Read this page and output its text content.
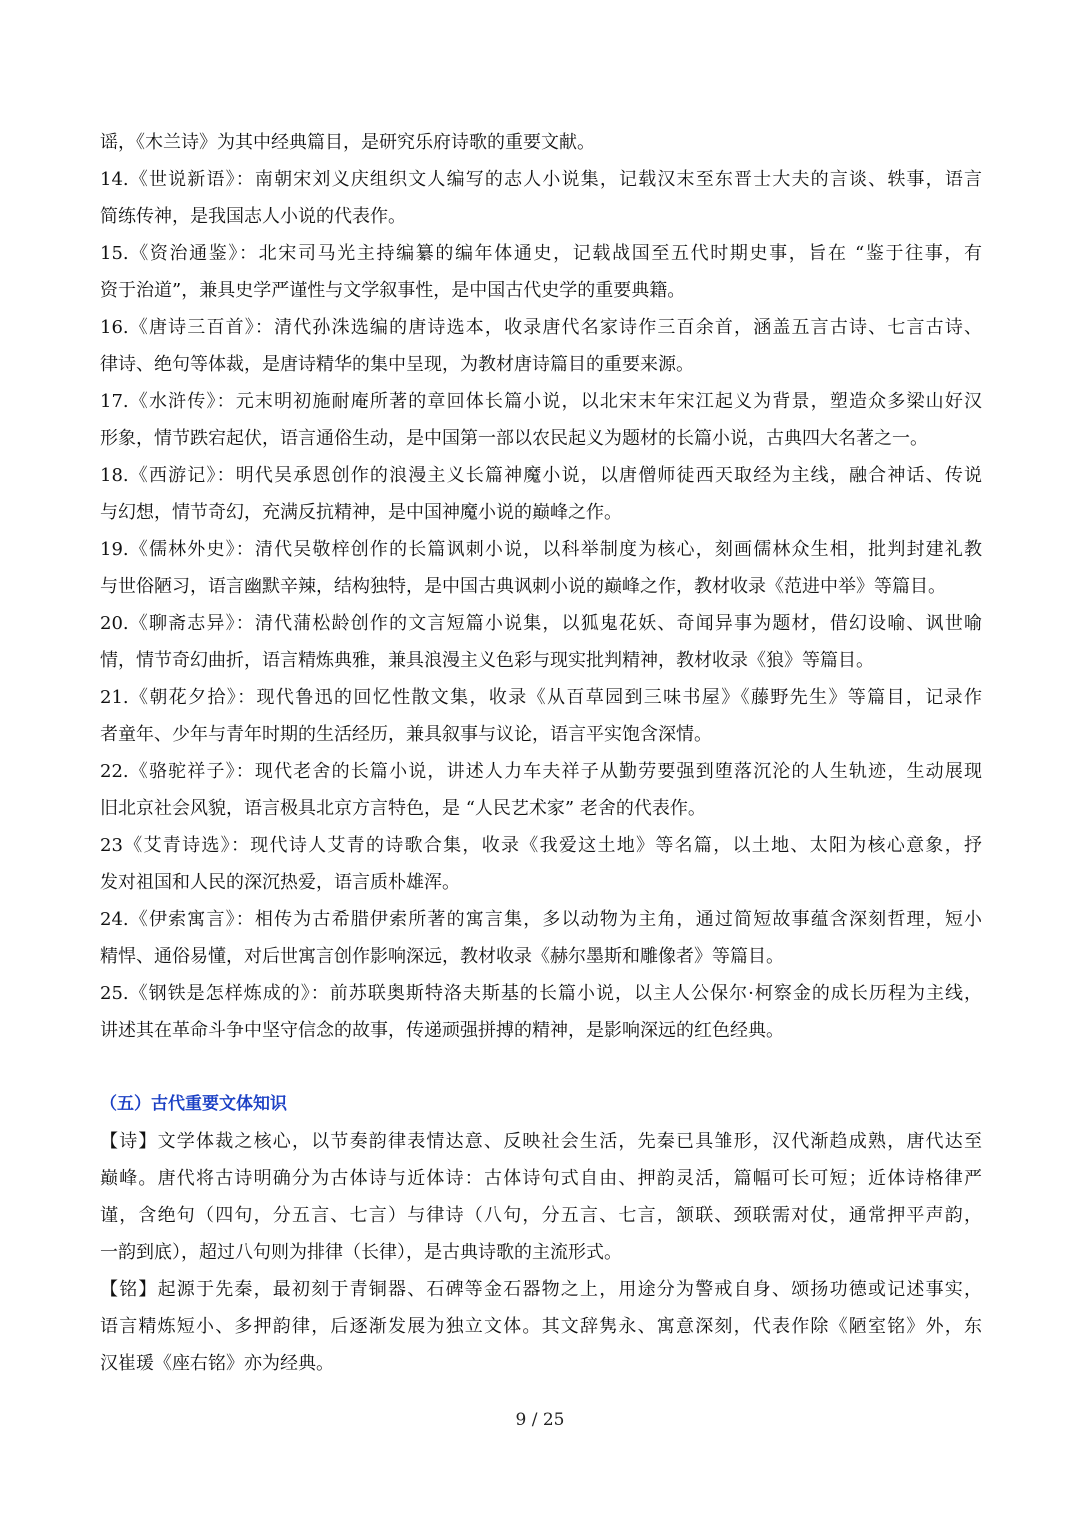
谣，《木兰诗》为其中经典篇目，是研究乐府诗歌的重要文献。
14.《世说新语》：南朝宋刘义庆组织文人编写的志人小说集，记载汉末至东晋士大夫的言谈、轶事，语言
简练传神，是我国志人小说的代表作。
15.《资治通鉴》：北宋司马光主持编纂的编年体通史，记载战国至五代时期史事，旨在 “鉴于往事，有
资于治道”，兼具史学严谨性与文学叙事性，是中国古代史学的重要典籍。
16.《唐诗三百首》：清代孙洙选编的唐诗选本，收录唐代名家诗作三百余首，涵盖五言古诗、七言古诗、
律诗、绝句等体裁，是唐诗精华的集中呈现，为教材唐诗篇目的重要来源。
17.《水浒传》：元末明初施耐庵所著的章回体长篇小说，以北宋末年宋江起义为背景，塑造众多梁山好汉
形象，情节跌宕起伏，语言通俗生动，是中国第一部以农民起义为题材的长篇小说，古典四大名著之一。
18.《西游记》：明代吴承恩创作的浪漫主义长篇神魔小说，以唐僧师徒西天取经为主线，融合神话、传说
与幻想，情节奇幻，充满反抗精神，是中国神魔小说的巅峰之作。
19.《儒林外史》：清代吴敬梓创作的长篇讽刺小说，以科举制度为核心，刻画儒林众生相，批判封建礼教
与世俗陋习，语言幽默辛辣，结构独特，是中国古典讽刺小说的巅峰之作，教材收录《范进中举》等篇目。
20.《聊斋志异》：清代蒲松龄创作的文言短篇小说集，以狐鬼花妖、奇闻异事为题材，借幻设喻、讽世喻
情，情节奇幻曲折，语言精炼典雅，兼具浪漫主义色彩与现实批判精神，教材收录《狼》等篇目。
21.《朝花夕拾》：现代鲁迅的回忆性散文集，收录《从百草园到三味书屋》《藤野先生》等篇目，记录作
者童年、少年与青年时期的生活经历，兼具叙事与议论，语言平实饱含深情。
22.《骆驼祥子》：现代老舍的长篇小说，讲述人力车夫祥子从勤劳要强到堕落沉沦的人生轨迹，生动展现
旧北京社会风貌，语言极具北京方言特色，是 “人民艺术家” 老舍的代表作。
23《艾青诗选》：现代诗人艾青的诗歌合集，收录《我爱这土地》等名篇，以土地、太阳为核心意象，抒
发对祖国和人民的深沉热爱，语言质朴雄浑。
24.《伊索寓言》：相传为古希腊伊索所著的寓言集，多以动物为主角，通过简短故事蕴含深刻哲理，短小
精悍、通俗易懂，对后世寓言创作影响深远，教材收录《赫尔墨斯和雕像者》等篇目。
25.《钢铁是怎样炼成的》：前苏联奥斯特洛夫斯基的长篇小说，以主人公保尔·柯察金的成长历程为主线，
讲述其在革命斗争中坚守信念的故事，传递顽强拼搏的精神，是影响深远的红色经典。
（五）古代重要文体知识
【诗】文学体裁之核心，以节奏韵律表情达意、反映社会生活，先秦已具雏形，汉代渐趋成熟，唐代达至
巅峰。唐代将古诗明确分为古体诗与近体诗：古体诗句式自由、押韵灵活，篇幅可长可短；近体诗格律严
谨，含绝句（四句，分五言、七言）与律诗（八句，分五言、七言，颔联、颈联需对仗，通常押平声韵，
一韵到底），超过八句则为排律（长律），是古典诗歌的主流形式。
【铭】起源于先秦，最初刻于青铜器、石碑等金石器物之上，用途分为警戒自身、颂扬功德或记述事实，
语言精炼短小、多押韵律，后逐渐发展为独立文体。其文辞隽永、寓意深刻，代表作除《陋室铭》外，东
汉崔瑗《座右铭》亦为经典。
9 / 25
